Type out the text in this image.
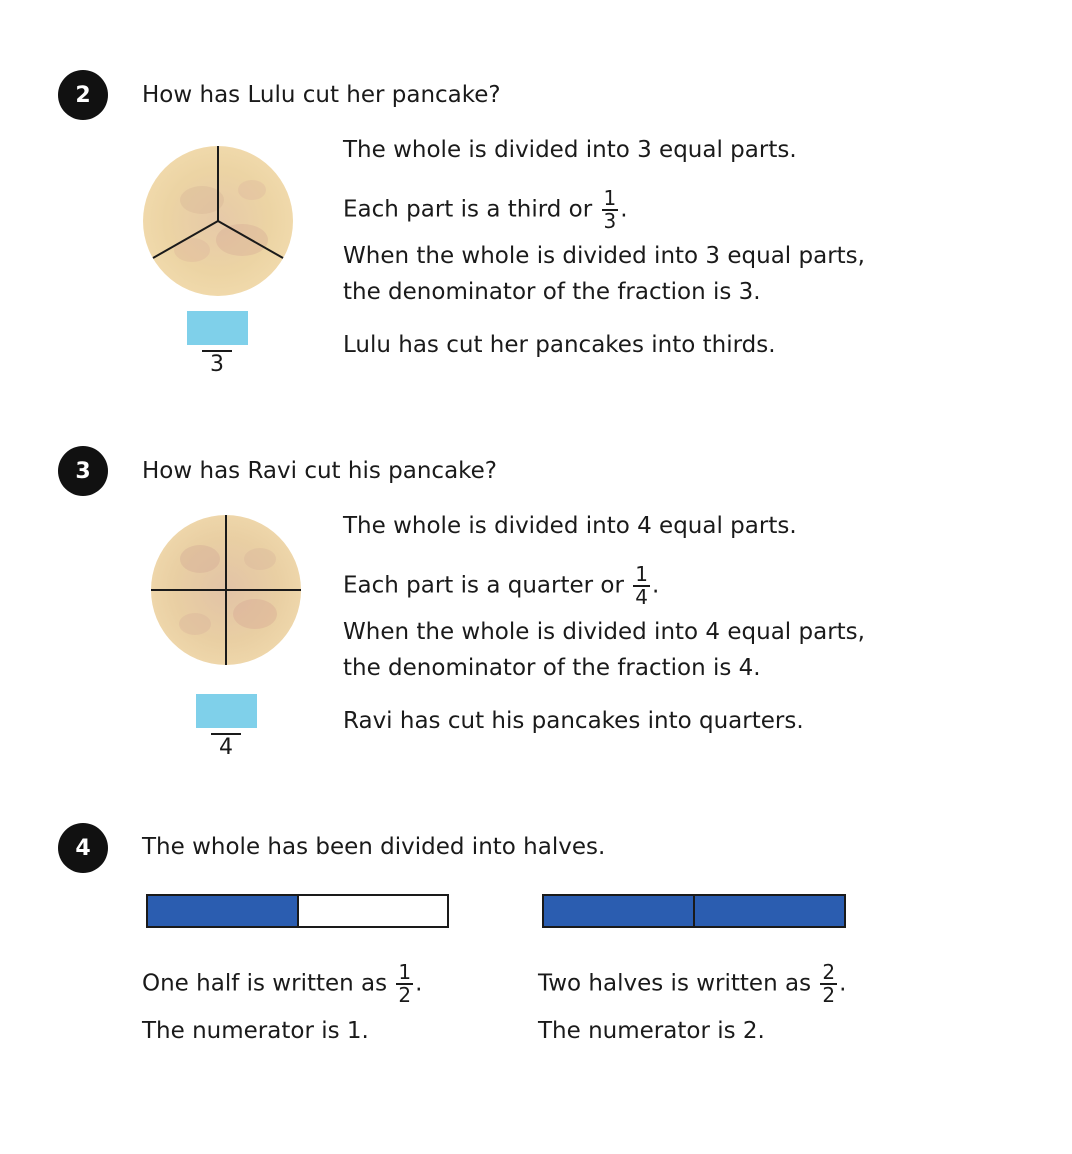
2	How has Lulu cut her pancake?
3
The whole is divided into 3 equal parts.
Each part is a third or $\frac{1}{3}$ .
When the whole is divided into 3 equal parts,
the denominator of the fraction is 3.
Lulu has cut her pancakes into thirds.
3	How has Ravi cut his pancake?
4
The whole is divided into 4 equal parts.
Each part is a quarter or $\frac{1}{4}$ .
When the whole is divided into 4 equal parts,
the denominator of the fraction is 4.
Ravi has cut his pancakes into quarters.
4	The whole has been divided into halves.
One half is written as $\frac{1}{2}$ .
The numerator is 1.
Two halves is written as $\frac{2}{2}$ .
The numerator is 2.
